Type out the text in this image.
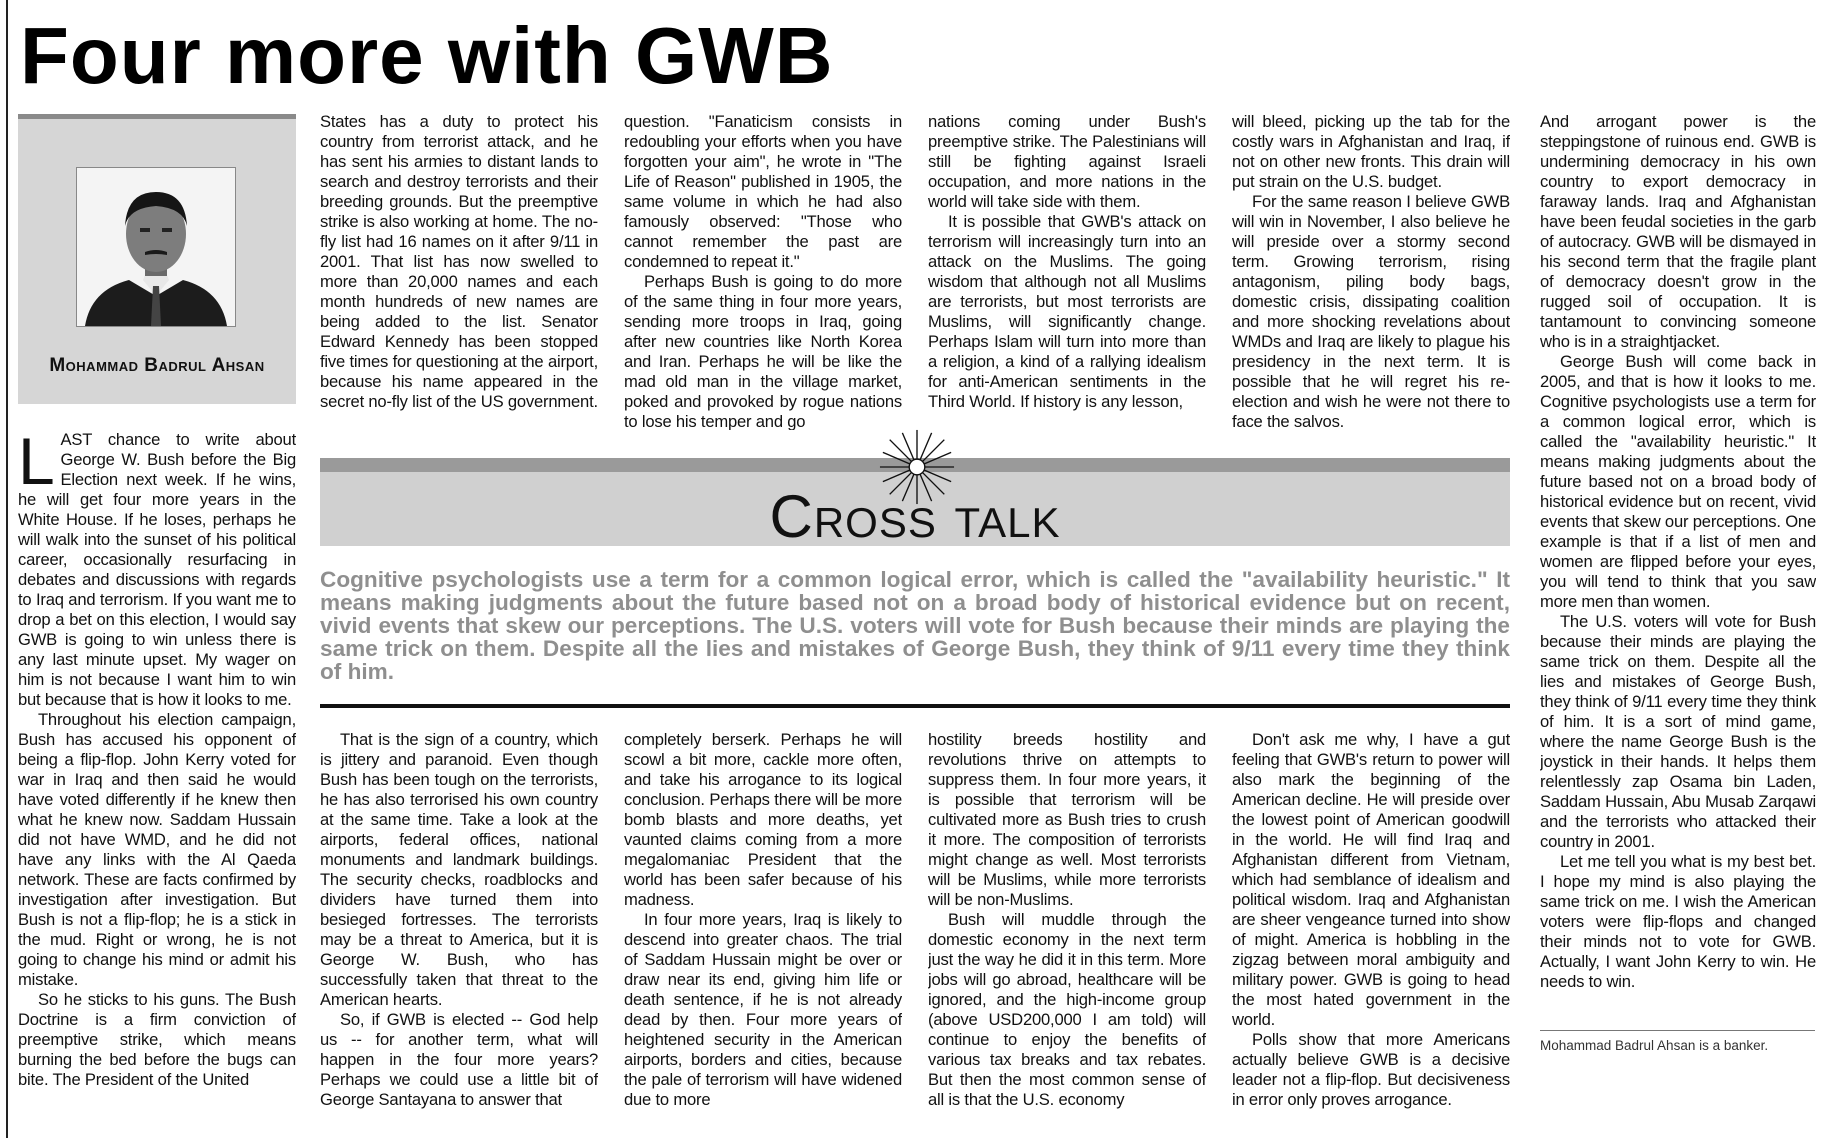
Four more with GWB
Mohammad Badrul Ahsan

LAST chance to write about George W. Bush before the Big Election next week. If he wins, he will get four more years in the White House. If he loses, perhaps he will walk into the sunset of his political career, occasionally resurfacing in debates and discussions with regards to Iraq and terrorism. If you want me to drop a bet on this election, I would say GWB is going to win unless there is any last minute upset. My wager on him is not because I want him to win but because that is how it looks to me.

Throughout his election campaign, Bush has accused his opponent of being a flip-flop. John Kerry voted for war in Iraq and then said he would have voted differently if he knew then what he knew now. Saddam Hussain did not have WMD, and he did not have any links with the Al Qaeda network. These are facts confirmed by investigation after investigation. But Bush is not a flip-flop; he is a stick in the mud. Right or wrong, he is not going to change his mind or admit his mistake.

So he sticks to his guns. The Bush Doctrine is a firm conviction of preemptive strike, which means burning the bed before the bugs can bite. The President of the United

States has a duty to protect his country from terrorist attack, and he has sent his armies to distant lands to search and destroy terrorists and their breeding grounds. But the preemptive strike is also working at home. The no-fly list had 16 names on it after 9/11 in 2001. That list has now swelled to more than 20,000 names and each month hundreds of new names are being added to the list. Senator Edward Kennedy has been stopped five times for questioning at the airport, because his name appeared in the secret no-fly list of the US government.

question. "Fanaticism consists in redoubling your efforts when you have forgotten your aim", he wrote in "The Life of Reason" published in 1905, the same volume in which he had also famously observed: "Those who cannot remember the past are condemned to repeat it."

Perhaps Bush is going to do more of the same thing in four more years, sending more troops in Iraq, going after new countries like North Korea and Iran. Perhaps he will be like the mad old man in the village market, poked and provoked by rogue nations to lose his temper and go

nations coming under Bush's preemptive strike. The Palestinians will still be fighting against Israeli occupation, and more nations in the world will take side with them.

It is possible that GWB's attack on terrorism will increasingly turn into an attack on the Muslims. The going wisdom that although not all Muslims are terrorists, but most terrorists are Muslims, will significantly change. Perhaps Islam will turn into more than a religion, a kind of a rallying idealism for anti-American sentiments in the Third World. If history is any lesson,

will bleed, picking up the tab for the costly wars in Afghanistan and Iraq, if not on other new fronts. This drain will put strain on the U.S. budget.

For the same reason I believe GWB will win in November, I also believe he will preside over a stormy second term. Growing terrorism, rising antagonism, piling body bags, domestic crisis, dissipating coalition and more shocking revelations about WMDs and Iraq are likely to plague his presidency in the next term. It is possible that he will regret his re-election and wish he were not there to face the salvos.

Cross talk

Cognitive psychologists use a term for a common logical error, which is called the "availability heuristic." It means making judgments about the future based not on a broad body of historical evidence but on recent, vivid events that skew our perceptions. The U.S. voters will vote for Bush because their minds are playing the same trick on them. Despite all the lies and mistakes of George Bush, they think of 9/11 every time they think of him.

That is the sign of a country, which is jittery and paranoid. Even though Bush has been tough on the terrorists, he has also terrorised his own country at the same time. Take a look at the airports, federal offices, national monuments and landmark buildings. The security checks, roadblocks and dividers have turned them into besieged fortresses. The terrorists may be a threat to America, but it is George W. Bush, who has successfully taken that threat to the American hearts.

So, if GWB is elected -- God help us -- for another term, what will happen in the four more years? Perhaps we could use a little bit of George Santayana to answer that

completely berserk. Perhaps he will scowl a bit more, cackle more often, and take his arrogance to its logical conclusion. Perhaps there will be more bomb blasts and more deaths, yet vaunted claims coming from a more megalomaniac President that the world has been safer because of his madness.

In four more years, Iraq is likely to descend into greater chaos. The trial of Saddam Hussain might be over or draw near its end, giving him life or death sentence, if he is not already dead by then. Four more years of heightened security in the American airports, borders and cities, because the pale of terrorism will have widened due to more

hostility breeds hostility and revolutions thrive on attempts to suppress them. In four more years, it is possible that terrorism will be cultivated more as Bush tries to crush it more. The composition of terrorists might change as well. Most terrorists will be Muslims, while more terrorists will be non-Muslims.

Bush will muddle through the domestic economy in the next term just the way he did it in this term. More jobs will go abroad, healthcare will be ignored, and the high-income group (above USD200,000 I am told) will continue to enjoy the benefits of various tax breaks and tax rebates. But then the most common sense of all is that the U.S. economy

Don't ask me why, I have a gut feeling that GWB's return to power will also mark the beginning of the American decline. He will preside over the lowest point of American goodwill in the world. He will find Iraq and Afghanistan different from Vietnam, which had semblance of idealism and political wisdom. Iraq and Afghanistan are sheer vengeance turned into show of might. America is hobbling in the zigzag between moral ambiguity and military power. GWB is going to head the most hated government in the world.

Polls show that more Americans actually believe GWB is a decisive leader not a flip-flop. But decisiveness in error only proves arrogance.

And arrogant power is the steppingstone of ruinous end. GWB is undermining democracy in his own country to export democracy in faraway lands. Iraq and Afghanistan have been feudal societies in the garb of autocracy. GWB will be dismayed in his second term that the fragile plant of democracy doesn't grow in the rugged soil of occupation. It is tantamount to convincing someone who is in a straightjacket.

George Bush will come back in 2005, and that is how it looks to me. Cognitive psychologists use a term for a common logical error, which is called the "availability heuristic." It means making judgments about the future based not on a broad body of historical evidence but on recent, vivid events that skew our perceptions. One example is that if a list of men and women are flipped before your eyes, you will tend to think that you saw more men than women.

The U.S. voters will vote for Bush because their minds are playing the same trick on them. Despite all the lies and mistakes of George Bush, they think of 9/11 every time they think of him. It is a sort of mind game, where the name George Bush is the joystick in their hands. It helps them relentlessly zap Osama bin Laden, Saddam Hussain, Abu Musab Zarqawi and the terrorists who attacked their country in 2001.

Let me tell you what is my best bet. I hope my mind is also playing the same trick on me. I wish the American voters were flip-flops and changed their minds not to vote for GWB. Actually, I want John Kerry to win. He needs to win.

Mohammad Badrul Ahsan is a banker.
